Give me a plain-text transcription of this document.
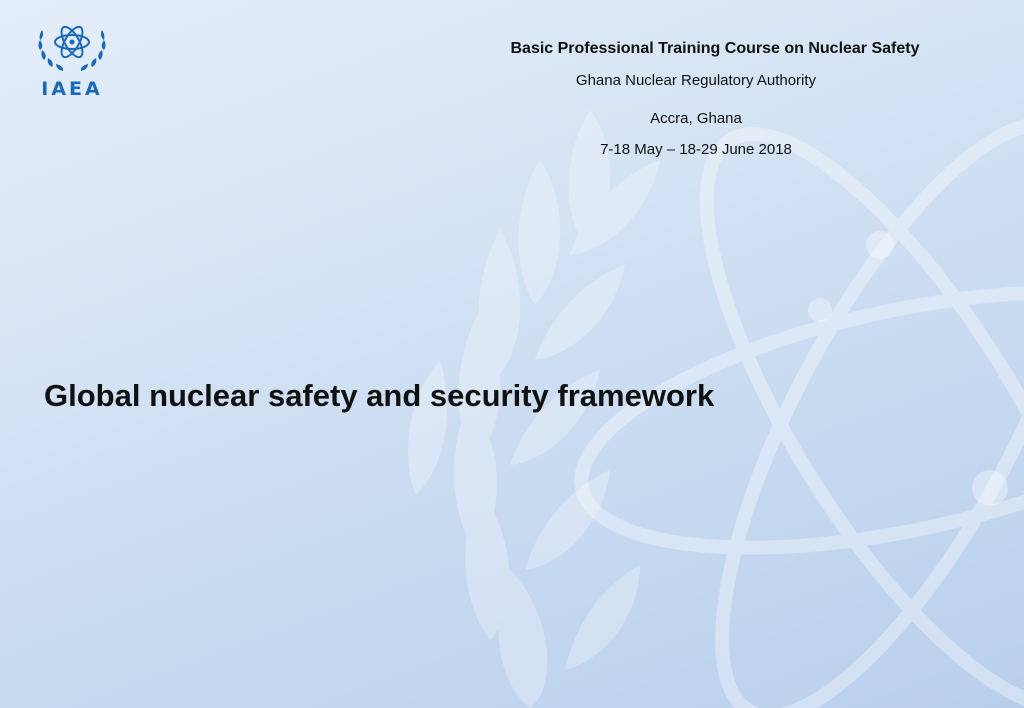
IAEA
Basic Professional Training Course on Nuclear Safety
Ghana Nuclear Regulatory Authority
Accra, Ghana
7-18 May – 18-29 June 2018
Global nuclear safety and security framework
